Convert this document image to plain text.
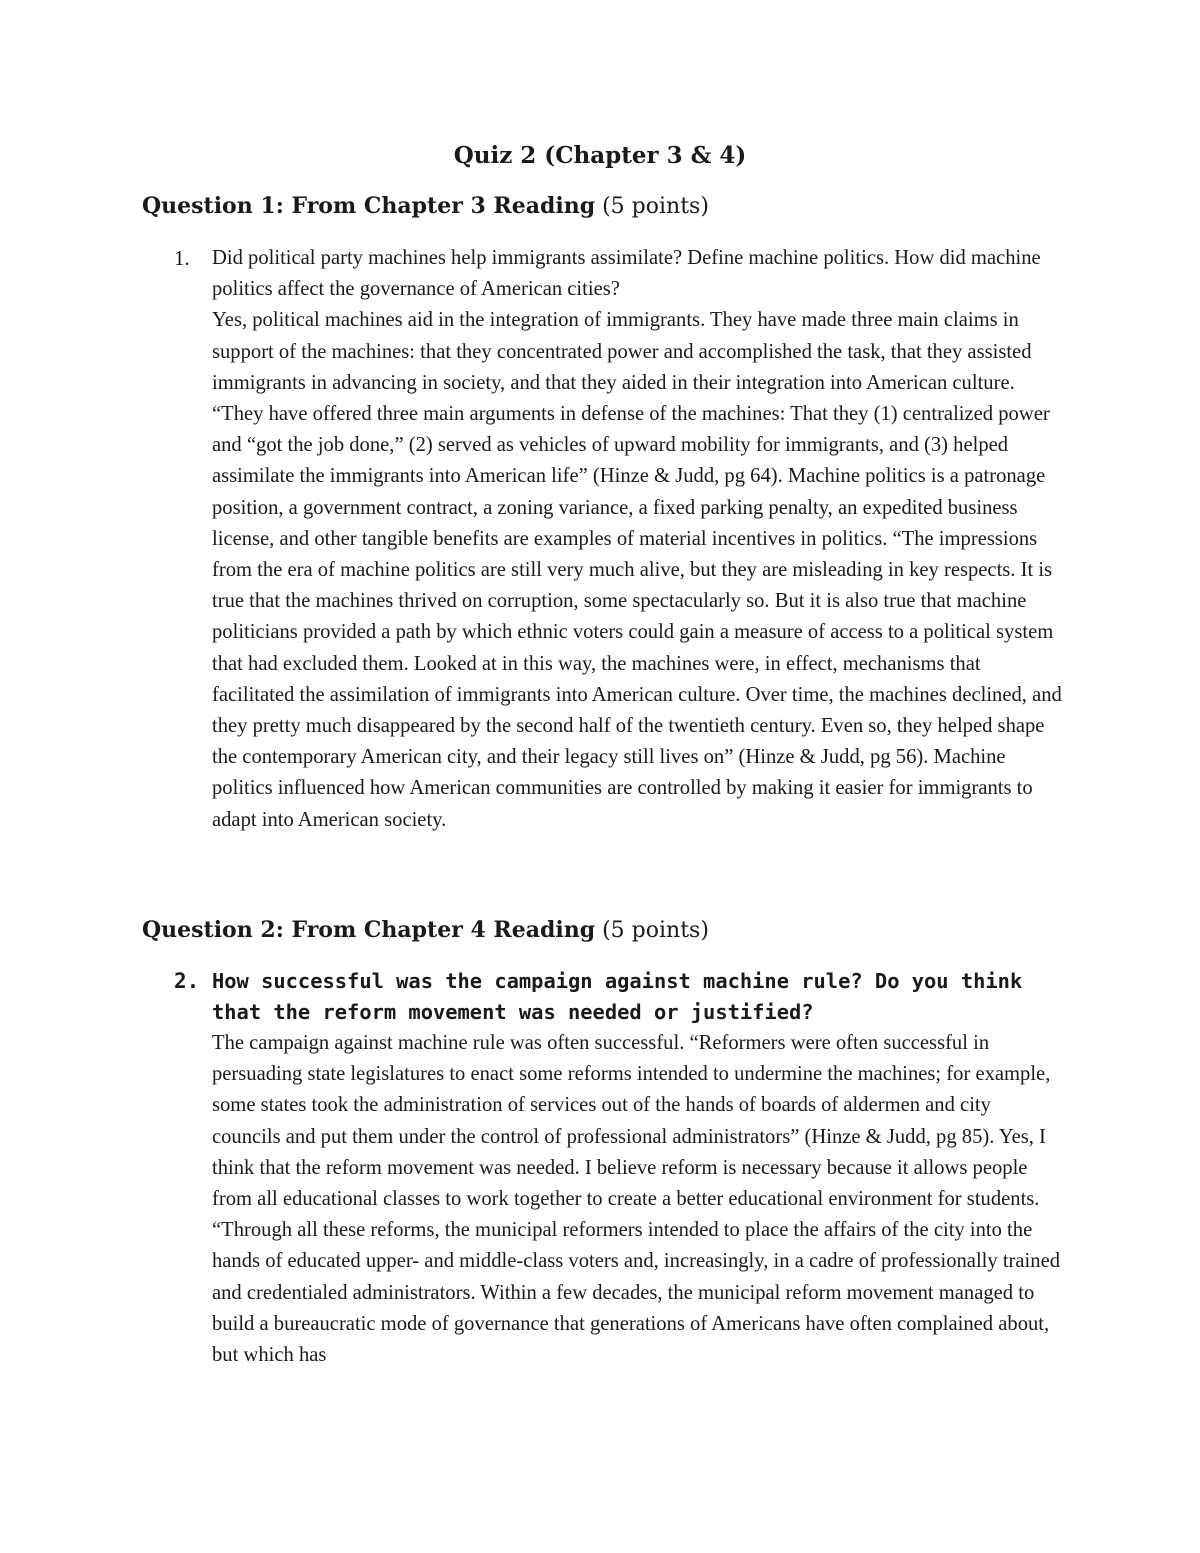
Quiz 2 (Chapter 3 & 4)
Question 1: From Chapter 3 Reading (5 points)
1. Did political party machines help immigrants assimilate? Define machine politics. How did machine politics affect the governance of American cities?

Yes, political machines aid in the integration of immigrants. They have made three main claims in support of the machines: that they concentrated power and accomplished the task, that they assisted immigrants in advancing in society, and that they aided in their integration into American culture. “They have offered three main arguments in defense of the machines: That they (1) centralized power and “got the job done,” (2) served as vehicles of upward mobility for immigrants, and (3) helped assimilate the immigrants into American life” (Hinze & Judd, pg 64). Machine politics is a patronage position, a government contract, a zoning variance, a fixed parking penalty, an expedited business license, and other tangible benefits are examples of material incentives in politics. “The impressions from the era of machine politics are still very much alive, but they are misleading in key respects. It is true that the machines thrived on corruption, some spectacularly so. But it is also true that machine politicians provided a path by which ethnic voters could gain a measure of access to a political system that had excluded them. Looked at in this way, the machines were, in effect, mechanisms that facilitated the assimilation of immigrants into American culture. Over time, the machines declined, and they pretty much disappeared by the second half of the twentieth century. Even so, they helped shape the contemporary American city, and their legacy still lives on” (Hinze & Judd, pg 56). Machine politics influenced how American communities are controlled by making it easier for immigrants to adapt into American society.

Question 2: From Chapter 4 Reading (5 points)
2. How successful was the campaign against machine rule? Do you think that the reform movement was needed or justified?

The campaign against machine rule was often successful. “Reformers were often successful in persuading state legislatures to enact some reforms intended to undermine the machines; for example, some states took the administration of services out of the hands of boards of aldermen and city councils and put them under the control of professional administrators” (Hinze & Judd, pg 85). Yes, I think that the reform movement was needed. I believe reform is necessary because it allows people from all educational classes to work together to create a better educational environment for students. “Through all these reforms, the municipal reformers intended to place the affairs of the city into the hands of educated upper- and middle-class voters and, increasingly, in a cadre of professionally trained and credentialed administrators. Within a few decades, the municipal reform movement managed to build a bureaucratic mode of governance that generations of Americans have often complained about, but which has
